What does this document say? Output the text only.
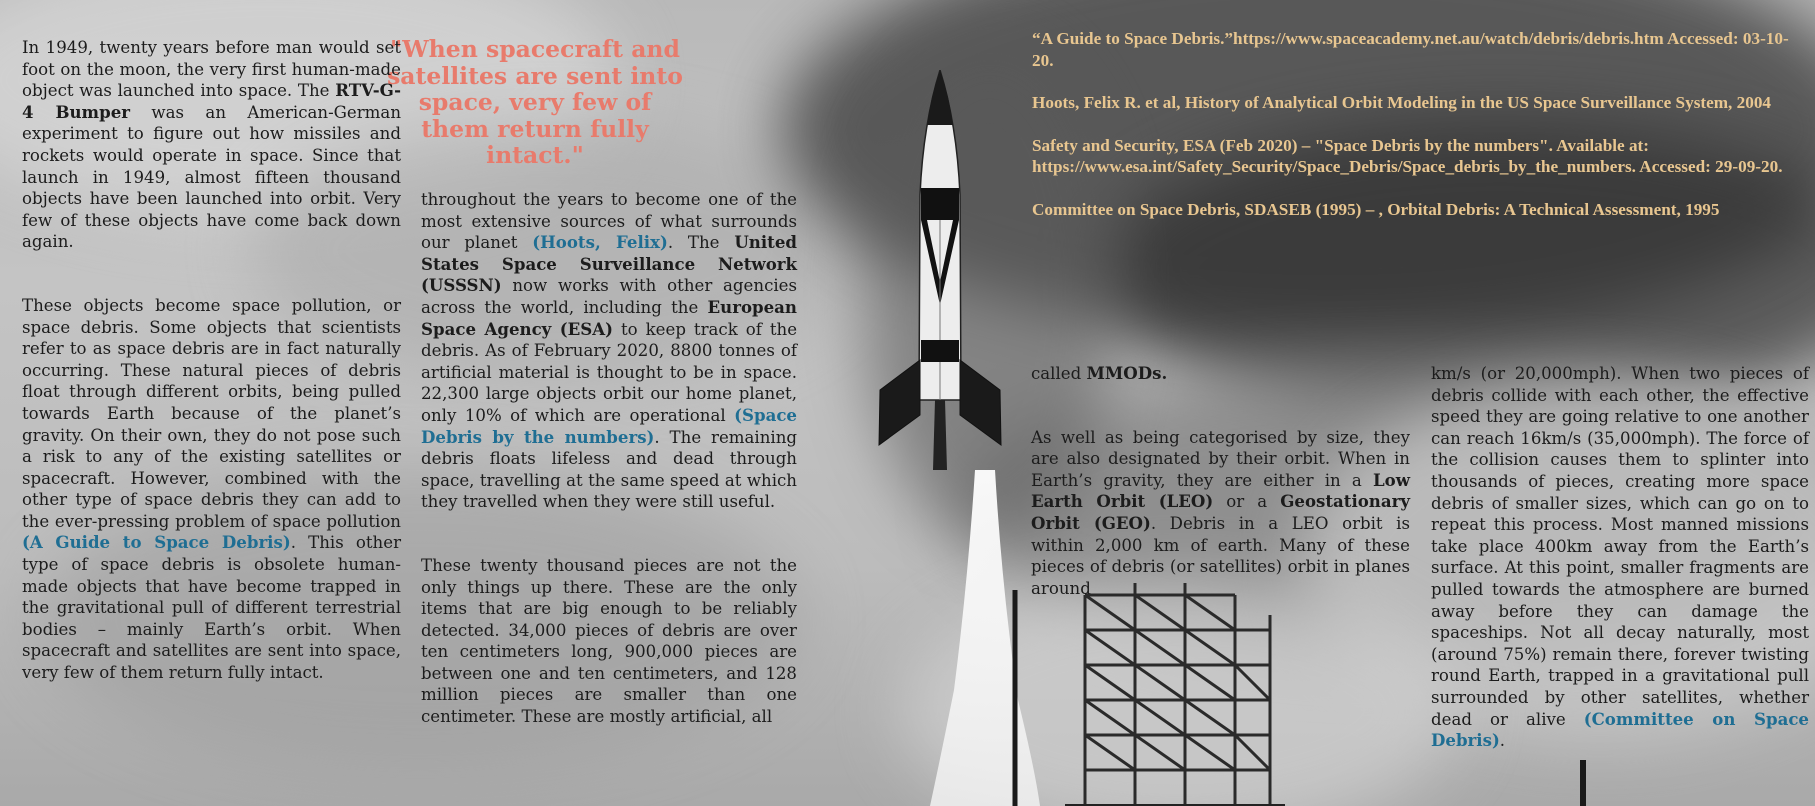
"When spacecraft and satellites are sent into space, very few of them return fully intact."

In 1949, twenty years before man would set foot on the moon, the very first human-made object was launched into space. The RTV-G-4 Bumper was an American-German experiment to figure out how missiles and rockets would operate in space. Since that launch in 1949, almost fifteen thousand objects have been launched into orbit. Very few of these objects have come back down again.

These objects become space pollution, or space debris. Some objects that scientists refer to as space debris are in fact naturally occurring. These natural pieces of debris float through different orbits, being pulled towards Earth because of the planet’s gravity. On their own, they do not pose such a risk to any of the existing satellites or spacecraft. However, combined with the other type of space debris they can add to the ever-pressing problem of space pollution (A Guide to Space Debris). This other type of space debris is obsolete human-made objects that have become trapped in the gravitational pull of different terrestrial bodies – mainly Earth’s orbit. When spacecraft and satellites are sent into space, very few of them return fully intact.

throughout the years to become one of the most extensive sources of what surrounds our planet (Hoots, Felix). The United States Space Surveillance Network (USSSN) now works with other agencies across the world, including the European Space Agency (ESA) to keep track of the debris. As of February 2020, 8800 tonnes of artificial material is thought to be in space. 22,300 large objects orbit our home planet, only 10% of which are operational (Space Debris by the numbers). The remaining debris floats lifeless and dead through space, travelling at the same speed at which they travelled when they were still useful.

These twenty thousand pieces are not the only things up there. These are the only items that are big enough to be reliably detected. 34,000 pieces of debris are over ten centimeters long, 900,000 pieces are between one and ten centimeters, and 128 million pieces are smaller than one centimeter. These are mostly artificial, all

“A Guide to Space Debris.”https://www.spaceacademy.net.au/watch/debris/debris.htm Accessed: 03-10-20.

Hoots, Felix R. et al, History of Analytical Orbit Modeling in the US Space Surveillance System, 2004

Safety and Security, ESA (Feb 2020) – "Space Debris by the numbers". Available at: https://www.esa.int/Safety_Security/Space_Debris/Space_debris_by_the_numbers. Accessed: 29-09-20.

Committee on Space Debris, SDASEB (1995) – , Orbital Debris: A Technical Assessment, 1995

called MMODs.

As well as being categorised by size, they are also designated by their orbit. When in Earth’s gravity, they are either in a Low Earth Orbit (LEO) or a Geostationary Orbit (GEO). Debris in a LEO orbit is within 2,000 km of earth. Many of these pieces of debris (or satellites) orbit in planes around

km/s (or 20,000mph). When two pieces of debris collide with each other, the effective speed they are going relative to one another can reach 16km/s (35,000mph). The force of the collision causes them to splinter into thousands of pieces, creating more space debris of smaller sizes, which can go on to repeat this process. Most manned missions take place 400km away from the Earth’s surface. At this point, smaller fragments are pulled towards the atmosphere are burned away before they can damage the spaceships. Not all decay naturally, most (around 75%) remain there, forever twisting round Earth, trapped in a gravitational pull surrounded by other satellites, whether dead or alive (Committee on Space Debris).
